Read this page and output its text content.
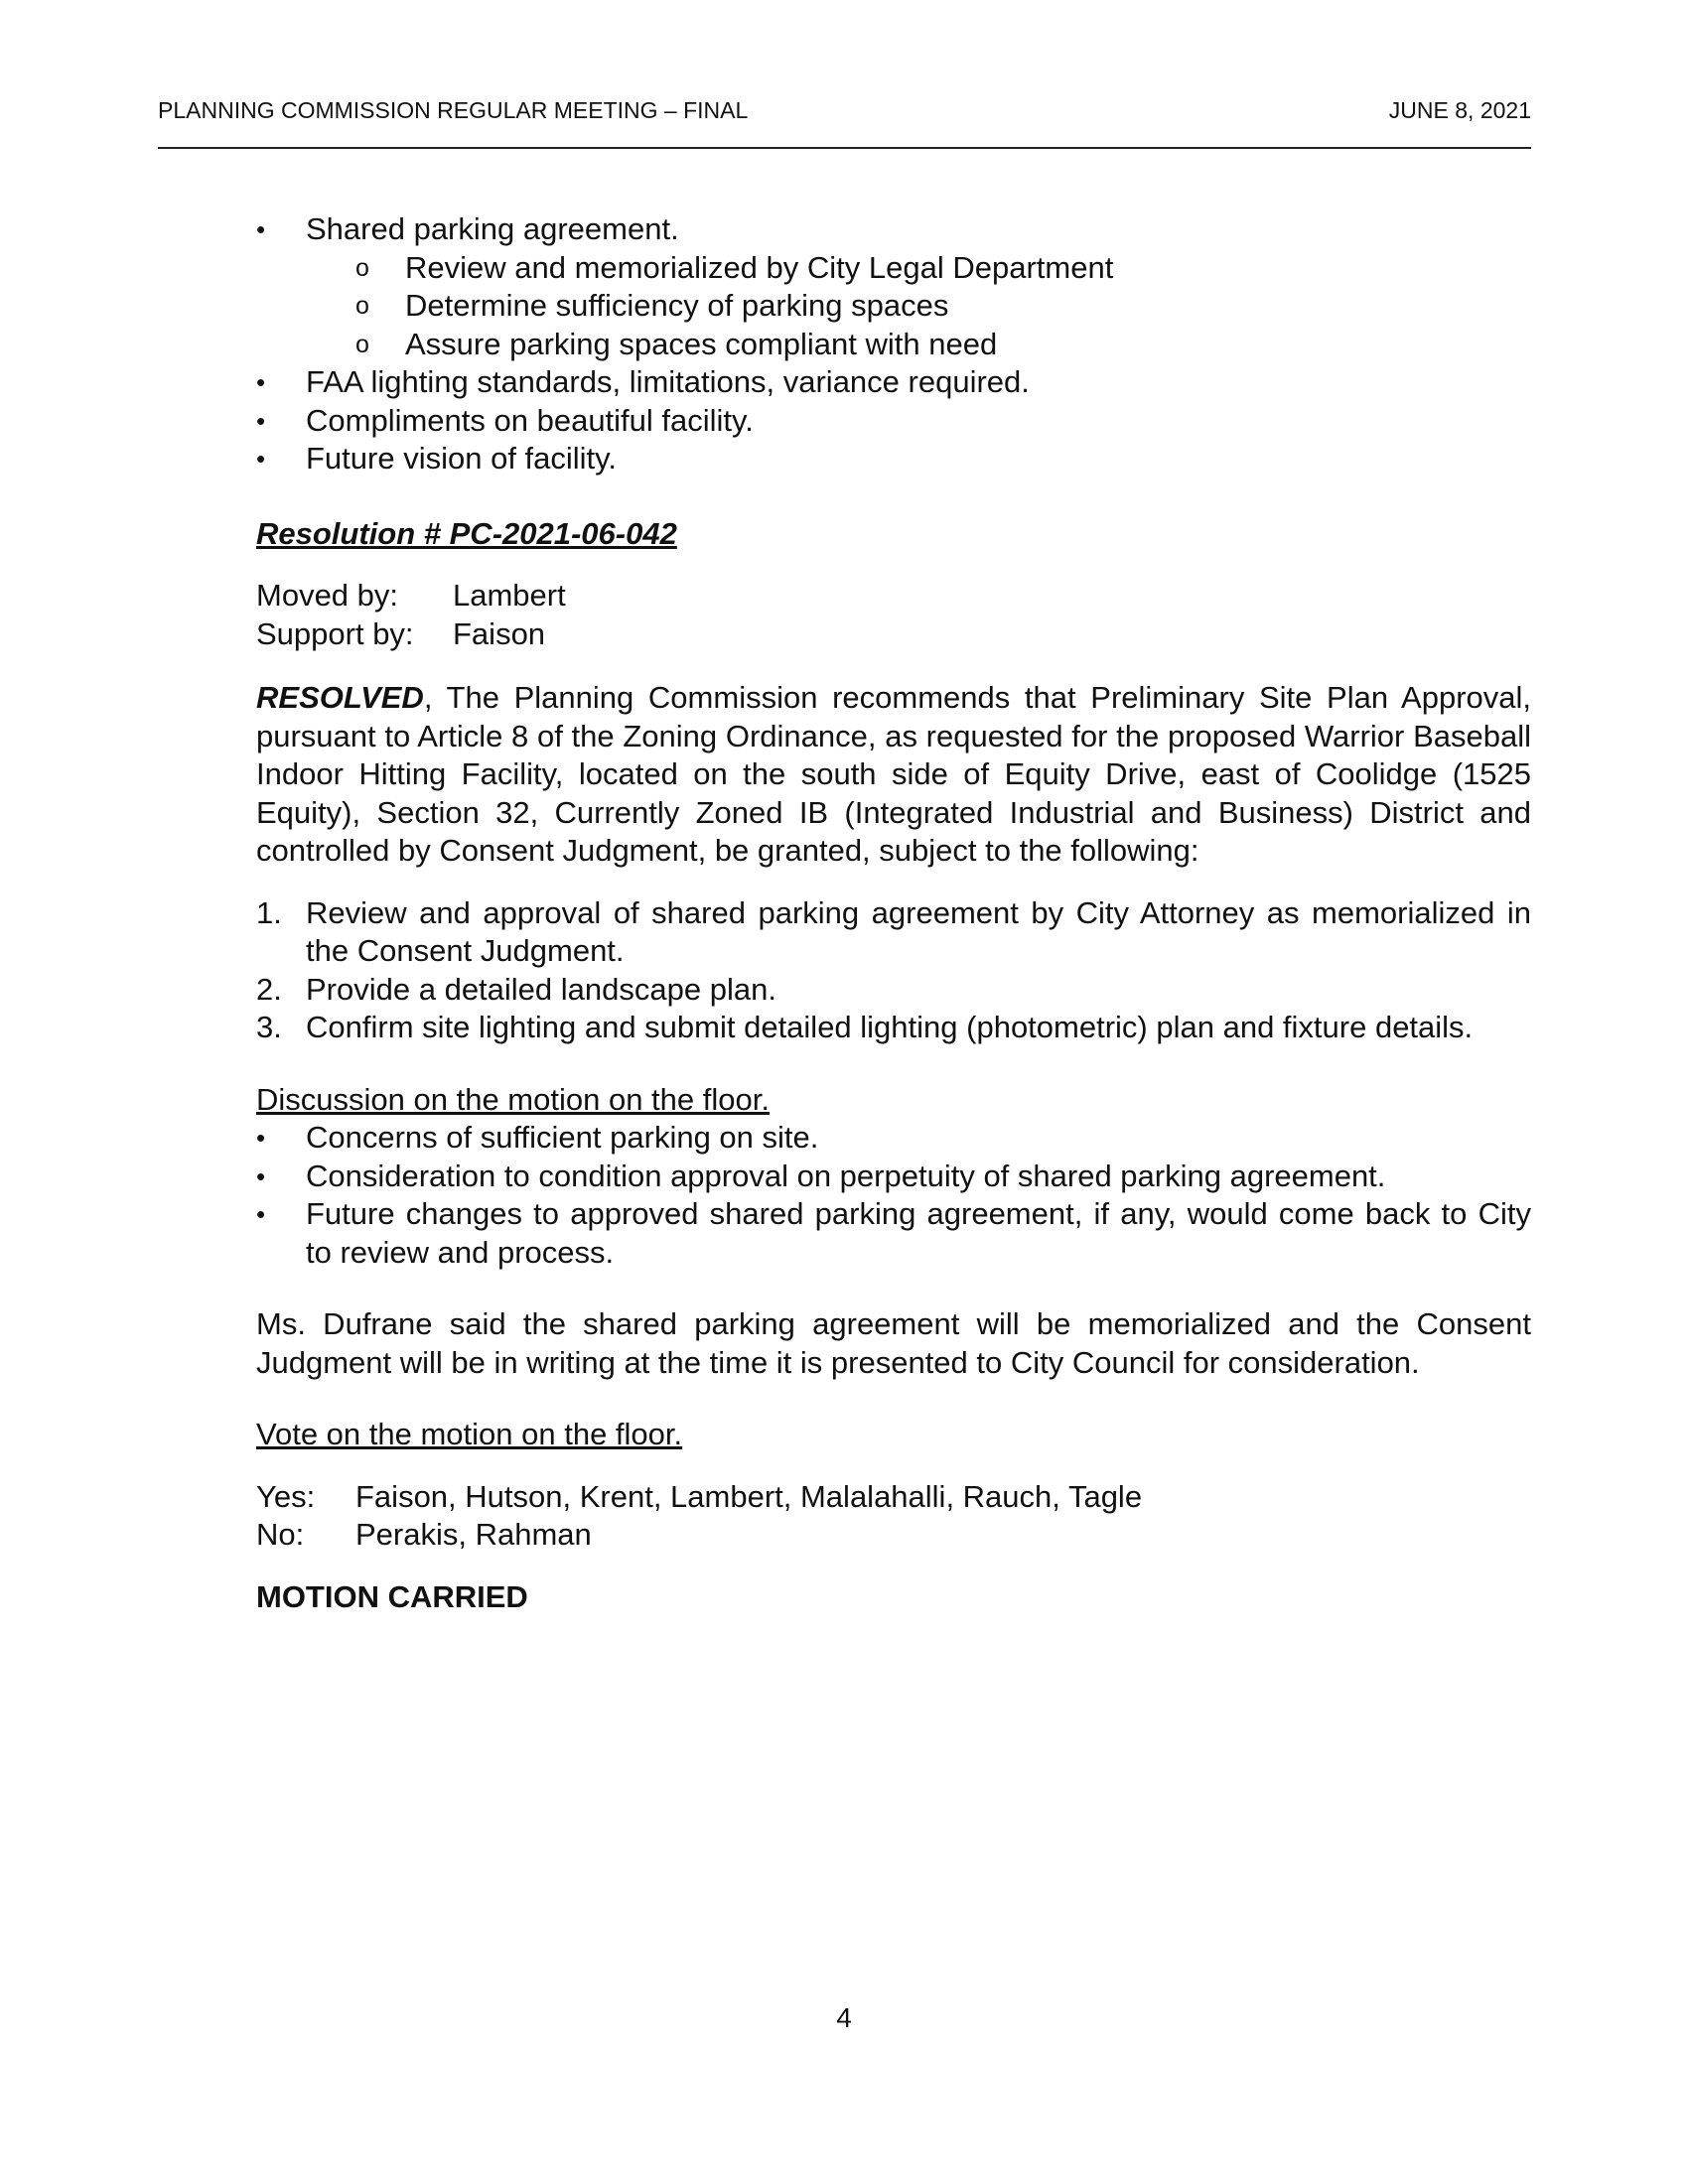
PLANNING COMMISSION REGULAR MEETING – FINAL	JUNE 8, 2021
• Shared parking agreement.
o Review and memorialized by City Legal Department
o Determine sufficiency of parking spaces
o Assure parking spaces compliant with need
• FAA lighting standards, limitations, variance required.
• Compliments on beautiful facility.
• Future vision of facility.
Resolution # PC-2021-06-042
Moved by:	Lambert
Support by:	Faison

RESOLVED, The Planning Commission recommends that Preliminary Site Plan Approval, pursuant to Article 8 of the Zoning Ordinance, as requested for the proposed Warrior Baseball Indoor Hitting Facility, located on the south side of Equity Drive, east of Coolidge (1525 Equity), Section 32, Currently Zoned IB (Integrated Industrial and Business) District and controlled by Consent Judgment, be granted, subject to the following:

1. Review and approval of shared parking agreement by City Attorney as memorialized in the Consent Judgment.
2. Provide a detailed landscape plan.
3. Confirm site lighting and submit detailed lighting (photometric) plan and fixture details.
Discussion on the motion on the floor.
• Concerns of sufficient parking on site.
• Consideration to condition approval on perpetuity of shared parking agreement.
• Future changes to approved shared parking agreement, if any, would come back to City to review and process.

Ms. Dufrane said the shared parking agreement will be memorialized and the Consent Judgment will be in writing at the time it is presented to City Council for consideration.

Vote on the motion on the floor.
Yes:	Faison, Hutson, Krent, Lambert, Malalahalli, Rauch, Tagle
No:	Perakis, Rahman
MOTION CARRIED
4
